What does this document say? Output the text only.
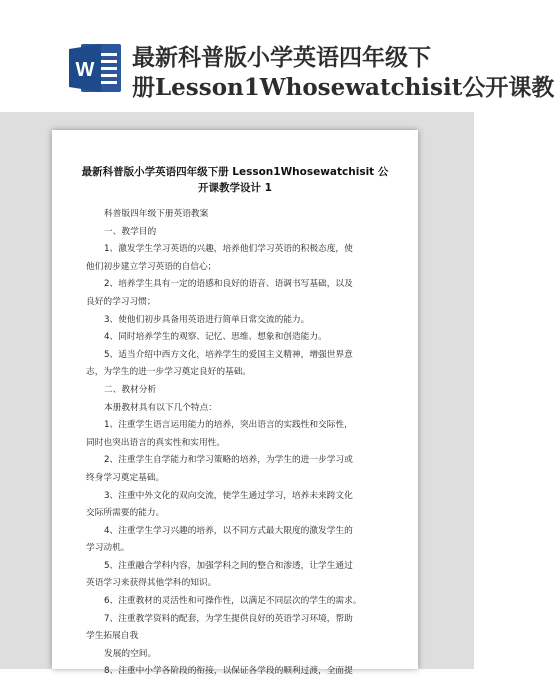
W 最新科普版小学英语四年级下
册Lesson1Whosewatchisit公开课教
最新科普版小学英语四年级下册 Lesson1Whosewatchisit 公
开课教学设计 1

科普版四年级下册英语教案

一、教学目的

1、激发学生学习英语的兴趣，培养他们学习英语的积极态度，使

他们初步建立学习英语的自信心；

2、培养学生具有一定的语感和良好的语音、语调书写基础，以及

良好的学习习惯；

3、使他们初步具备用英语进行简单日常交流的能力。

4、同时培养学生的观察、记忆、思维、想象和创造能力。

5、适当介绍中西方文化，培养学生的爱国主义精神，增强世界意

志，为学生的进一步学习奠定良好的基础。

二、教材分析

本册教材具有以下几个特点：

1、注重学生语言运用能力的培养，突出语言的实践性和交际性，

同时也突出语言的真实性和实用性。

2、注重学生自学能力和学习策略的培养，为学生的进一步学习或

终身学习奠定基础。

3、注重中外文化的双向交流，使学生通过学习，培养未来跨文化

交际所需要的能力。

4、注重学生学习兴趣的培养，以不同方式最大限度的激发学生的

学习动机。

5、注重融合学科内容，加强学科之间的整合和渗透，让学生通过

英语学习来获得其他学科的知识。

6、注重教材的灵活性和可操作性，以满足不同层次的学生的需求。

7、注重教学资料的配套，为学生提供良好的英语学习环境，帮助

学生拓展自我

发展的空间。

8、注重中小学各阶段的衔接，以保证各学段的顺利过渡，全面提
